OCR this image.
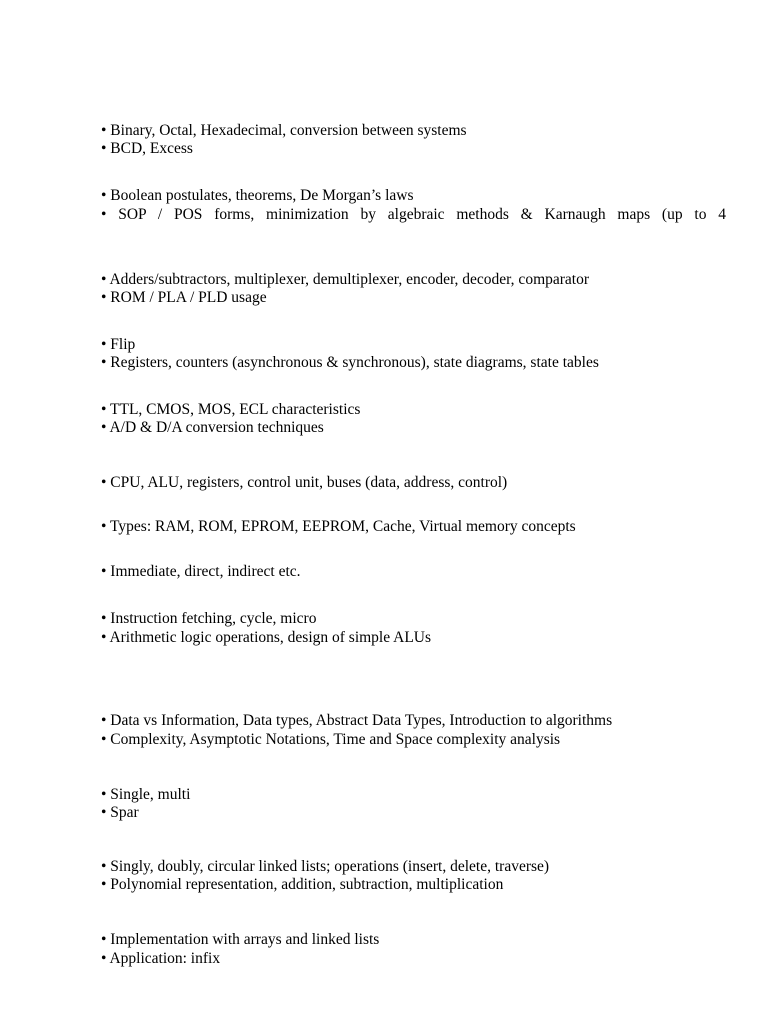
• Binary, Octal, Hexadecimal, conversion between systems
• BCD, Excess
• Boolean postulates, theorems, De Morgan’s laws
• SOP / POS forms, minimization by algebraic methods & Karnaugh maps (up to 4
• Adders/subtractors, multiplexer, demultiplexer, encoder, decoder, comparator
• ROM / PLA / PLD usage
• Flip
• Registers, counters (asynchronous & synchronous), state diagrams, state tables
• TTL, CMOS, MOS, ECL characteristics
• A/D & D/A conversion techniques
• CPU, ALU, registers, control unit, buses (data, address, control)
• Types: RAM, ROM, EPROM, EEPROM, Cache, Virtual memory concepts
• Immediate, direct, indirect etc.
• Instruction fetching, cycle, micro
• Arithmetic logic operations, design of simple ALUs
• Data vs Information, Data types, Abstract Data Types, Introduction to algorithms
• Complexity, Asymptotic Notations, Time and Space complexity analysis
• Single, multi
• Spar
• Singly, doubly, circular linked lists; operations (insert, delete, traverse)
• Polynomial representation, addition, subtraction, multiplication
• Implementation with arrays and linked lists
• Application: infix
